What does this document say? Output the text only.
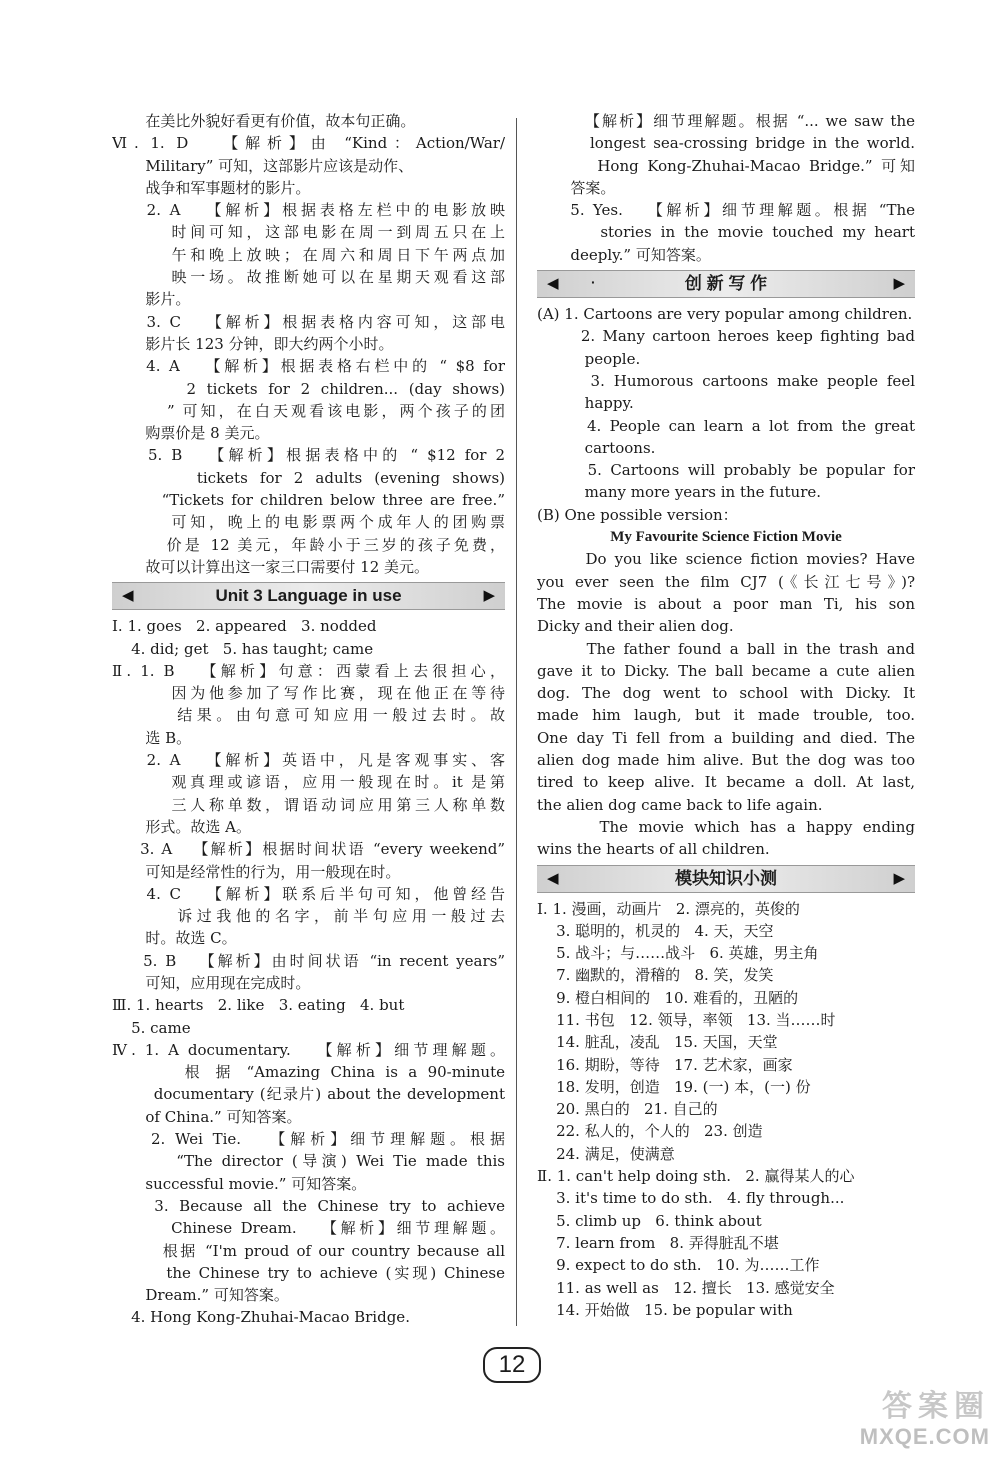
在美比外貌好看更有价值，故本句正确。
Ⅵ. 1. D   【解析】由 “Kind：Action/War/
Military” 可知，这部影片应该是动作、
战争和军事题材的影片。
2. A   【解析】根据表格左栏中的电影放映
时间可知，这部电影在周一到周五只在上
午和晚上放映；在周六和周日下午两点加
映一场。故推断她可以在星期天观看这部
影片。
3. C   【解析】根据表格内容可知，这部电
影片长 123 分钟，即大约两个小时。
4. A   【解析】根据表格右栏中的 “ $8 for
2 tickets for 2 children... (day shows)
” 可知，在白天观看该电影，两个孩子的团
购票价是 8 美元。
5. B   【解析】根据表格中的 “ $12 for 2
tickets for 2 adults (evening shows)
“Tickets for children below three are free.”
可知，晚上的电影票两个成年人的团购票
价是 12 美元，年龄小于三岁的孩子免费，
故可以计算出这一家三口需要付 12 美元。
◀	Unit 3 Language in use	▶
Ⅰ. 1. goes   2. appeared   3. nodded
4. did; get   5. has taught; came
Ⅱ. 1. B   【解析】句意：西蒙看上去很担心，
因为他参加了写作比赛，现在他正在等待
结果。由句意可知应用一般过去时。故
选 B。
2. A   【解析】英语中，凡是客观事实、客
观真理或谚语，应用一般现在时。it 是第
三人称单数，谓语动词应用第三人称单数
形式。故选 A。
3. A   【解析】根据时间状语 “every weekend”
可知是经常性的行为，用一般现在时。
4. C   【解析】联系后半句可知，他曾经告
诉过我他的名字，前半句应用一般过去
时。故选 C。
5. B   【解析】由时间状语 “in recent years”
可知，应用现在完成时。
Ⅲ. 1. hearts   2. like   3. eating   4. but
5. came
Ⅳ. 1. A documentary.   【解析】细节理解题。
根 据 “Amazing China is a 90-minute
documentary (纪录片) about the development
of China.” 可知答案。
2. Wei Tie.   【解析】细节理解题。根据
“The director (导演) Wei Tie made this
successful movie.” 可知答案。
3. Because all the Chinese try to achieve
Chinese Dream.   【解析】细节理解题。
根据 “I'm proud of our country because all
the Chinese try to achieve (实现) Chinese
Dream.” 可知答案。
4. Hong Kong-Zhuhai-Macao Bridge.
【解析】细节理解题。根据 “... we saw the
longest sea-crossing bridge in the world.
Hong Kong-Zhuhai-Macao Bridge.” 可知
答案。
5. Yes.   【解析】细节理解题。根据 “The
stories in the movie touched my heart
deeply.” 可知答案。
◀ ·	创 新 写 作	▶
(A) 1. Cartoons are very popular among children.
2. Many cartoon heroes keep fighting bad
people.
3. Humorous cartoons make people feel
happy.
4. People can learn a lot from the great
cartoons.
5. Cartoons will probably be popular for
many more years in the future.
(B) One possible version：
My Favourite Science Fiction Movie
Do you like science fiction movies? Have
you ever seen the film CJ7 (《长江七号》)?
The movie is about a poor man Ti, his son
Dicky and their alien dog.
The father found a ball in the trash and
gave it to Dicky. The ball became a cute alien
dog. The dog went to school with Dicky. It
made him laugh, but it made trouble, too.
One day Ti fell from a building and died. The
alien dog made him alive. But the dog was too
tired to keep alive. It became a doll. At last,
the alien dog came back to life again.
The movie which has a happy ending
wins the hearts of all children.
◀	模块知识小测	▶
Ⅰ. 1. 漫画，动画片   2. 漂亮的，英俊的
3. 聪明的，机灵的   4. 天，天空
5. 战斗；与……战斗   6. 英雄，男主角
7. 幽默的，滑稽的   8. 笑，发笑
9. 橙白相间的   10. 难看的，丑陋的
11. 书包   12. 领导，率领   13. 当……时
14. 脏乱，凌乱   15. 天国，天堂
16. 期盼，等待   17. 艺术家，画家
18. 发明，创造   19. (一) 本，(一) 份
20. 黑白的   21. 自己的
22. 私人的，个人的   23. 创造
24. 满足，使满意
Ⅱ. 1. can't help doing sth.   2. 赢得某人的心
3. it's time to do sth.   4. fly through...
5. climb up   6. think about
7. learn from   8. 弄得脏乱不堪
9. expect to do sth.   10. 为……工作
11. as well as   12. 擅长   13. 感觉安全
14. 开始做   15. be popular with
12
答案圈
MXQE.COM
